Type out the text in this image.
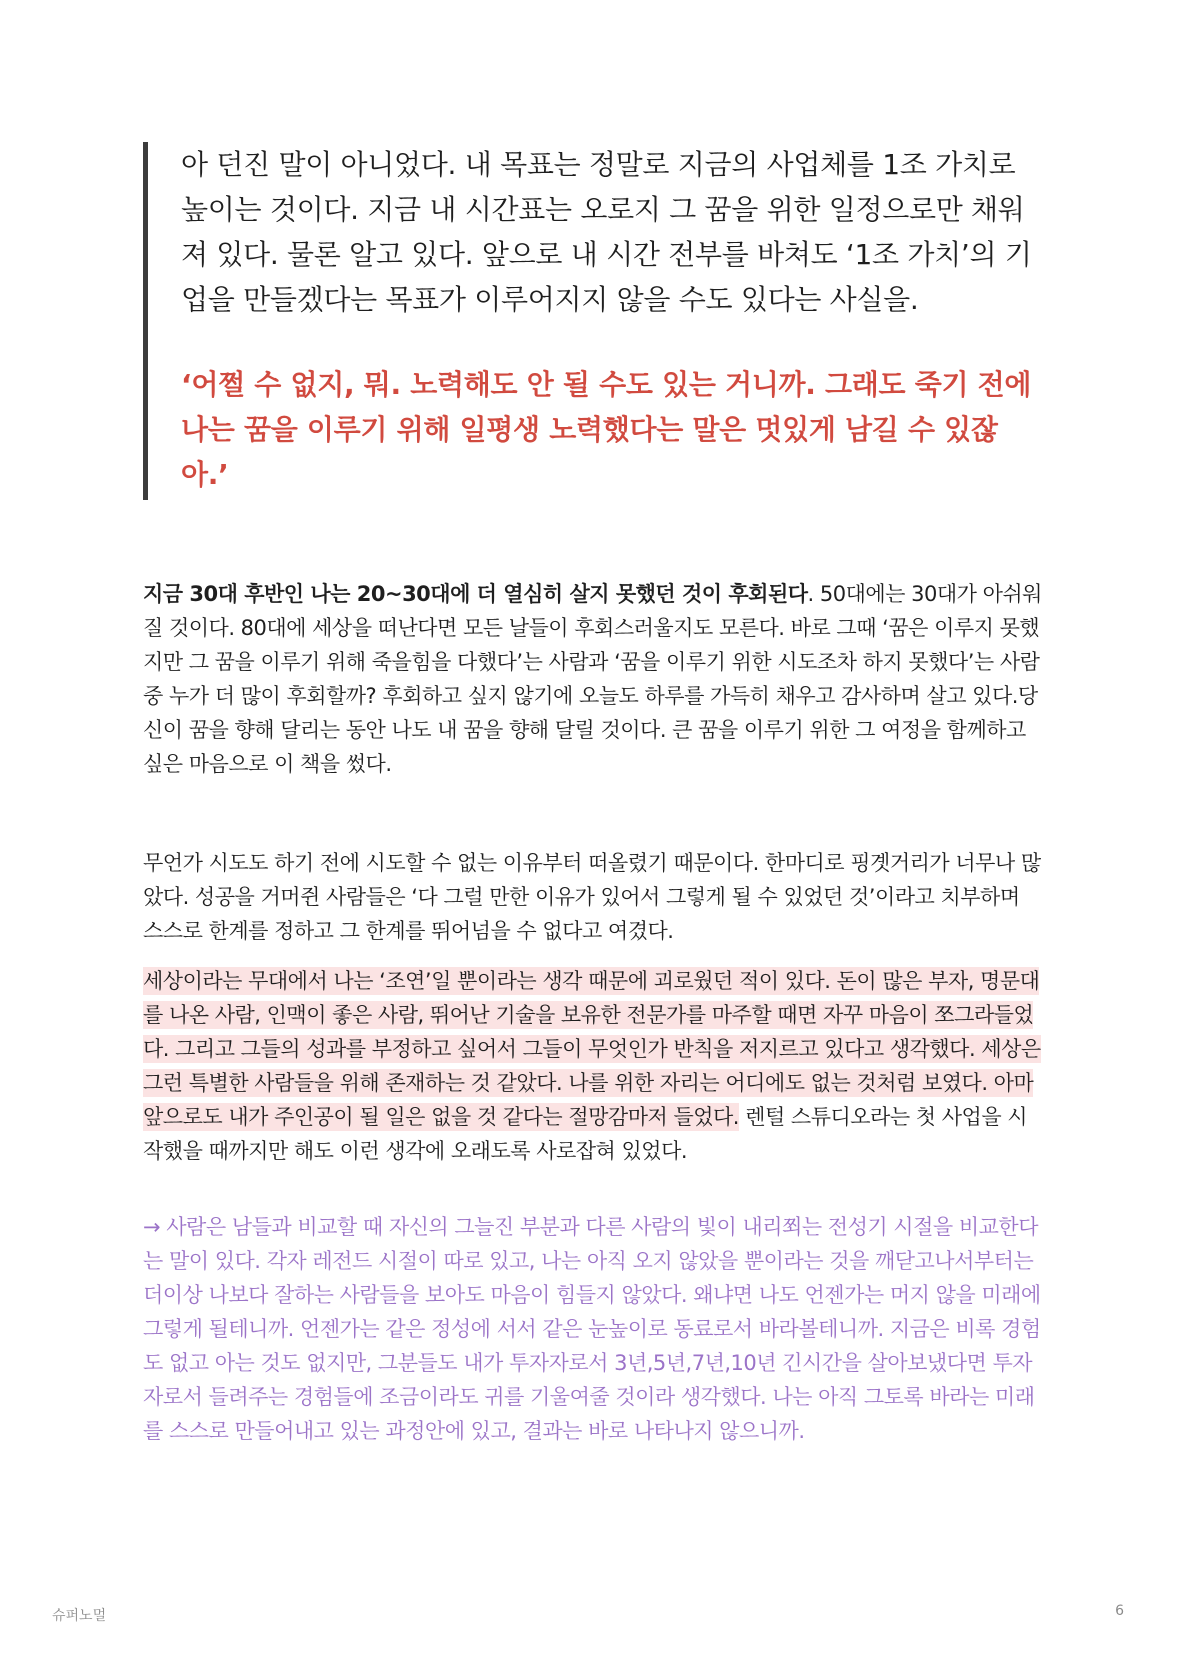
아 던진 말이 아니었다. 내 목표는 정말로 지금의 사업체를 1조 가치로 높이는 것이다. 지금 내 시간표는 오로지 그 꿈을 위한 일정으로만 채워져 있다. 물론 알고 있다. 앞으로 내 시간 전부를 바쳐도 ‘1조 가치’의 기업을 만들겠다는 목표가 이루어지지 않을 수도 있다는 사실을.

‘어쩔 수 없지, 뭐. 노력해도 안 될 수도 있는 거니까. 그래도 죽기 전에 나는 꿈을 이루기 위해 일평생 노력했다는 말은 멋있게 남길 수 있잖아.’

지금 30대 후반인 나는 20~30대에 더 열심히 살지 못했던 것이 후회된다. 50대에는 30대가 아쉬워질 것이다. 80대에 세상을 떠난다면 모든 날들이 후회스러울지도 모른다. 바로 그때 ‘꿈은 이루지 못했지만 그 꿈을 이루기 위해 죽을힘을 다했다’는 사람과 ‘꿈을 이루기 위한 시도조차 하지 못했다’는 사람 중 누가 더 많이 후회할까? 후회하고 싶지 않기에 오늘도 하루를 가득히 채우고 감사하며 살고 있다.당신이 꿈을 향해 달리는 동안 나도 내 꿈을 향해 달릴 것이다. 큰 꿈을 이루기 위한 그 여정을 함께하고 싶은 마음으로 이 책을 썼다.

무언가 시도도 하기 전에 시도할 수 없는 이유부터 떠올렸기 때문이다. 한마디로 핑곗거리가 너무나 많았다. 성공을 거머쥔 사람들은 ‘다 그럴 만한 이유가 있어서 그렇게 될 수 있었던 것’이라고 치부하며 스스로 한계를 정하고 그 한계를 뛰어넘을 수 없다고 여겼다.

세상이라는 무대에서 나는 ‘조연’일 뿐이라는 생각 때문에 괴로웠던 적이 있다. 돈이 많은 부자, 명문대를 나온 사람, 인맥이 좋은 사람, 뛰어난 기술을 보유한 전문가를 마주할 때면 자꾸 마음이 쪼그라들었다. 그리고 그들의 성과를 부정하고 싶어서 그들이 무엇인가 반칙을 저지르고 있다고 생각했다. 세상은 그런 특별한 사람들을 위해 존재하는 것 같았다. 나를 위한 자리는 어디에도 없는 것처럼 보였다. 아마 앞으로도 내가 주인공이 될 일은 없을 것 같다는 절망감마저 들었다. 렌털 스튜디오라는 첫 사업을 시작했을 때까지만 해도 이런 생각에 오래도록 사로잡혀 있었다.

→ 사람은 남들과 비교할 때 자신의 그늘진 부분과 다른 사람의 빛이 내리쬐는 전성기 시절을 비교한다는 말이 있다. 각자 레전드 시절이 따로 있고, 나는 아직 오지 않았을 뿐이라는 것을 깨닫고나서부터는 더이상 나보다 잘하는 사람들을 보아도 마음이 힘들지 않았다. 왜냐면 나도 언젠가는 머지 않을 미래에 그렇게 될테니까. 언젠가는 같은 정성에 서서 같은 눈높이로 동료로서 바라볼테니까. 지금은 비록 경험도 없고 아는 것도 없지만, 그분들도 내가 투자자로서 3년,5년,7년,10년 긴시간을 살아보냈다면 투자자로서 들려주는 경험들에 조금이라도 귀를 기울여줄 것이라 생각했다. 나는 아직 그토록 바라는 미래를 스스로 만들어내고 있는 과정안에 있고, 결과는 바로 나타나지 않으니까.

슈퍼노멀	6
